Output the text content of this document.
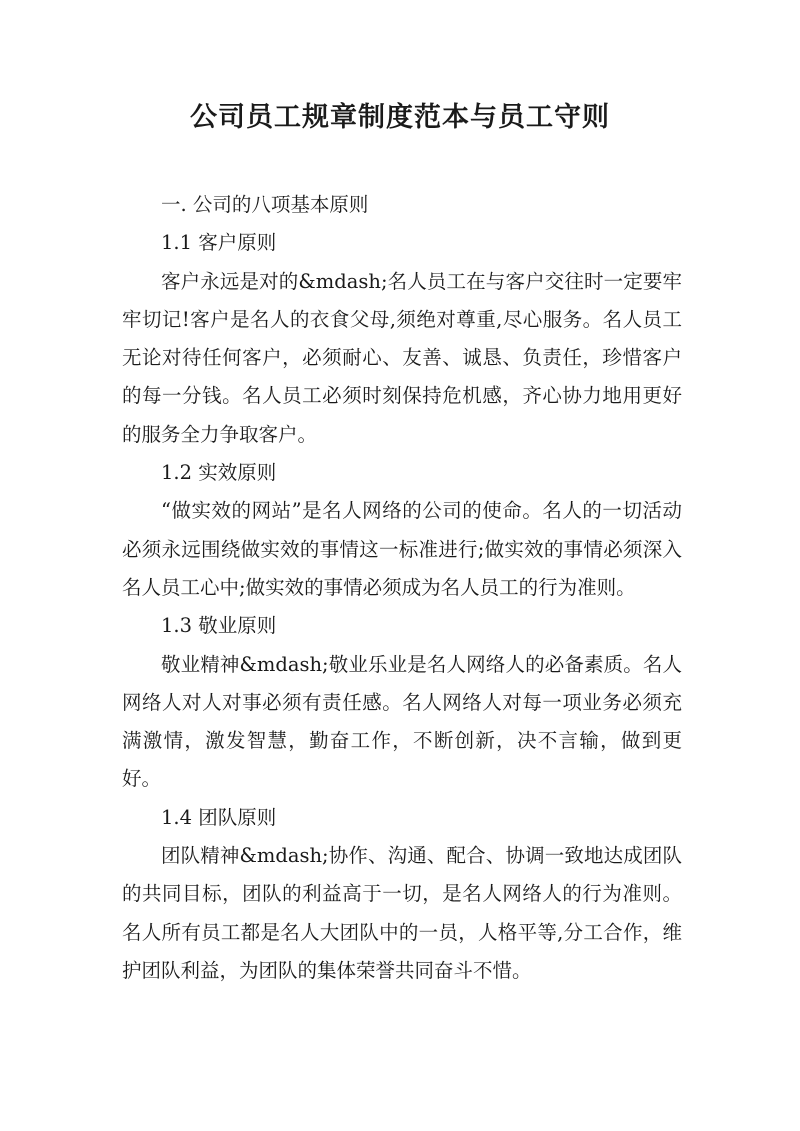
公司员工规章制度范本与员工守则

一. 公司的八项基本原则

1.1 客户原则

客户永远是对的&mdash;名人员工在与客户交往时一定要牢牢切记!客户是名人的衣食父母,须绝对尊重,尽心服务。名人员工无论对待任何客户，必须耐心、友善、诚恳、负责任，珍惜客户的每一分钱。名人员工必须时刻保持危机感，齐心协力地用更好的服务全力争取客户。

1.2 实效原则

“做实效的网站”是名人网络的公司的使命。名人的一切活动必须永远围绕做实效的事情这一标准进行;做实效的事情必须深入名人员工心中;做实效的事情必须成为名人员工的行为准则。

1.3 敬业原则

敬业精神&mdash;敬业乐业是名人网络人的必备素质。名人网络人对人对事必须有责任感。名人网络人对每一项业务必须充满激情，激发智慧，勤奋工作，不断创新，决不言输，做到更好。

1.4 团队原则

团队精神&mdash;协作、沟通、配合、协调一致地达成团队的共同目标，团队的利益高于一切，是名人网络人的行为准则。名人所有员工都是名人大团队中的一员，人格平等,分工合作，维护团队利益，为团队的集体荣誉共同奋斗不惜。
